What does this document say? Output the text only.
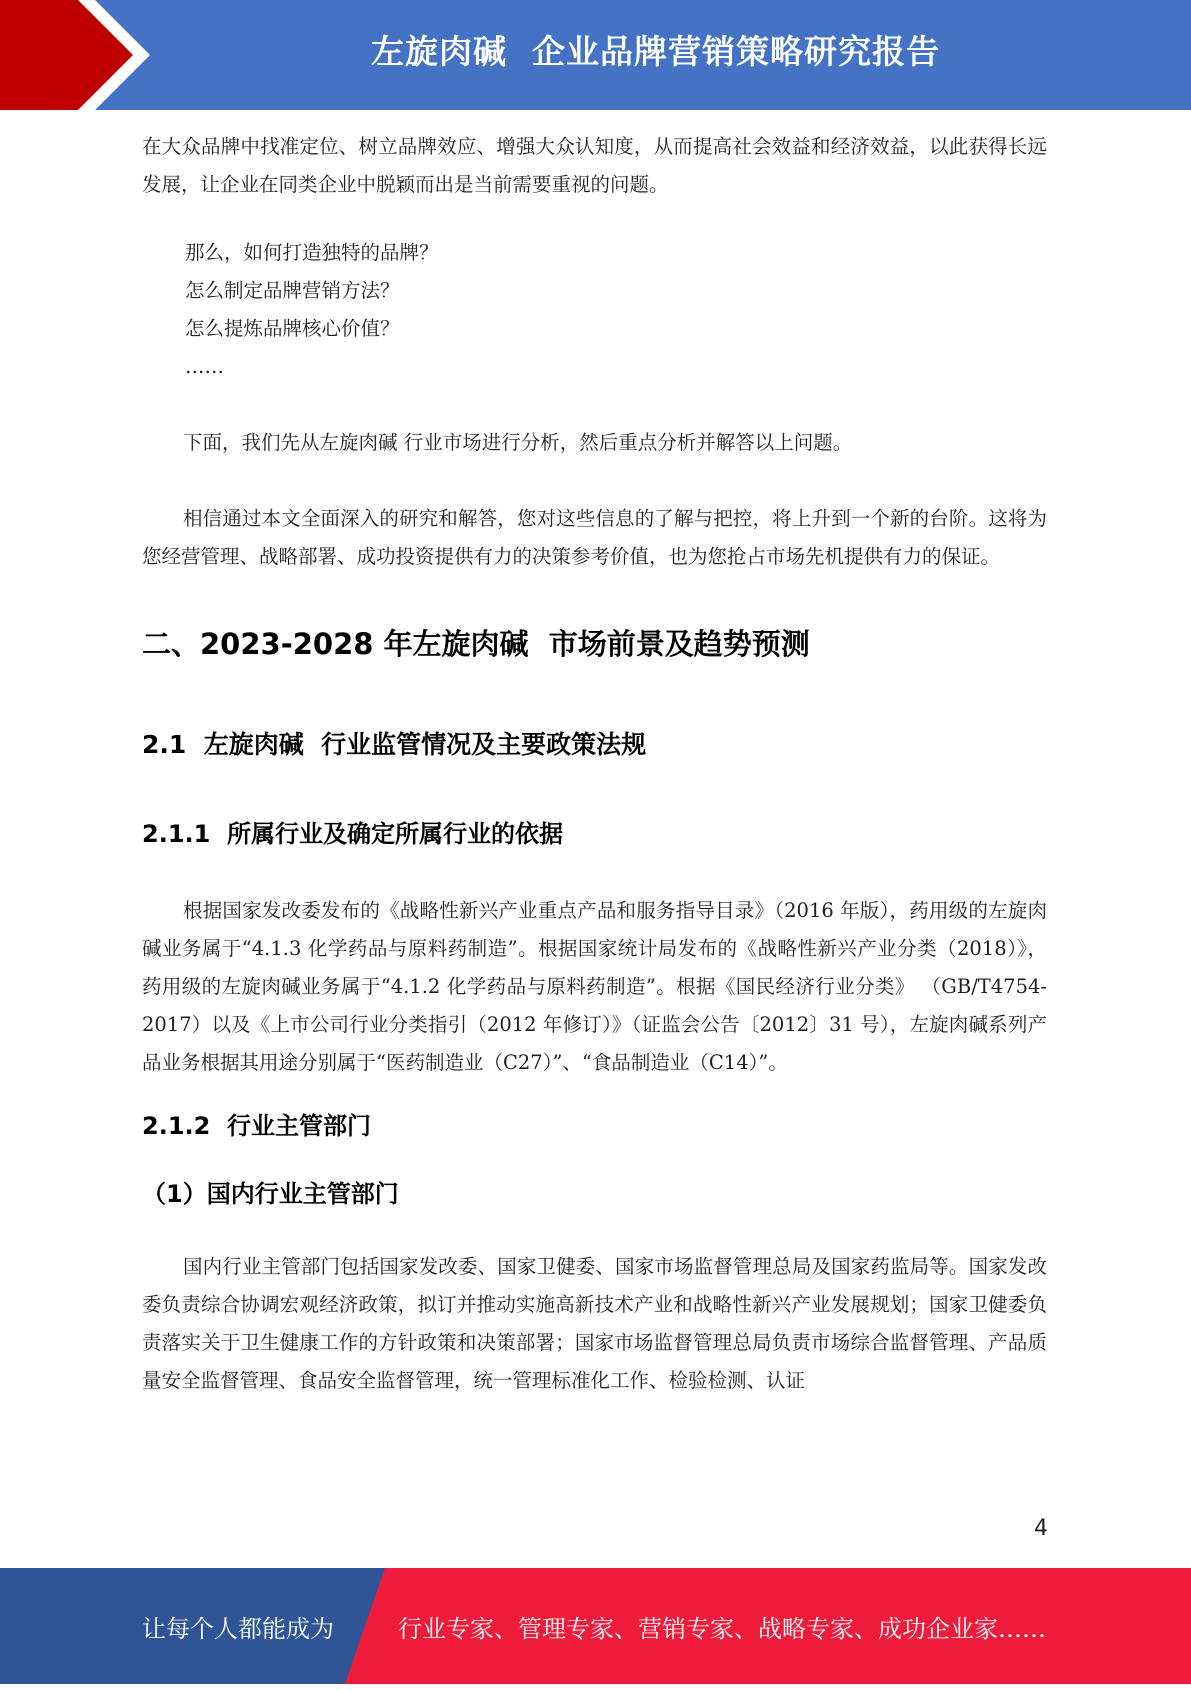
左旋肉碱  企业品牌营销策略研究报告

在大众品牌中找准定位、树立品牌效应、增强大众认知度，从而提高社会效益和经济效益，以此获得长远发展，让企业在同类企业中脱颖而出是当前需要重视的问题。

那么，如何打造独特的品牌？
怎么制定品牌营销方法？
怎么提炼品牌核心价值？
……

下面，我们先从左旋肉碱 行业市场进行分析，然后重点分析并解答以上问题。

相信通过本文全面深入的研究和解答，您对这些信息的了解与把控，将上升到一个新的台阶。这将为您经营管理、战略部署、成功投资提供有力的决策参考价值，也为您抢占市场先机提供有力的保证。

二、2023-2028 年左旋肉碱  市场前景及趋势预测
2.1  左旋肉碱  行业监管情况及主要政策法规
2.1.1  所属行业及确定所属行业的依据

根据国家发改委发布的《战略性新兴产业重点产品和服务指导目录》（2016 年版），药用级的左旋肉碱业务属于“4.1.3 化学药品与原料药制造”。根据国家统计局发布的《战略性新兴产业分类（2018）》，药用级的左旋肉碱业务属于“4.1.2 化学药品与原料药制造”。根据《国民经济行业分类》 （GB/T4754-2017）以及《上市公司行业分类指引（2012 年修订）》（证监会公告〔2012〕31 号），左旋肉碱系列产品业务根据其用途分别属于“医药制造业（C27）”、“食品制造业（C14）”。

2.1.2  行业主管部门
（1）国内行业主管部门

国内行业主管部门包括国家发改委、国家卫健委、国家市场监督管理总局及国家药监局等。国家发改委负责综合协调宏观经济政策，拟订并推动实施高新技术产业和战略性新兴产业发展规划；国家卫健委负责落实关于卫生健康工作的方针政策和决策部署；国家市场监督管理总局负责市场综合监督管理、产品质量安全监督管理、食品安全监督管理，统一管理标准化工作、检验检测、认证

4
让每个人都能成为	行业专家、管理专家、营销专家、战略专家、成功企业家……
